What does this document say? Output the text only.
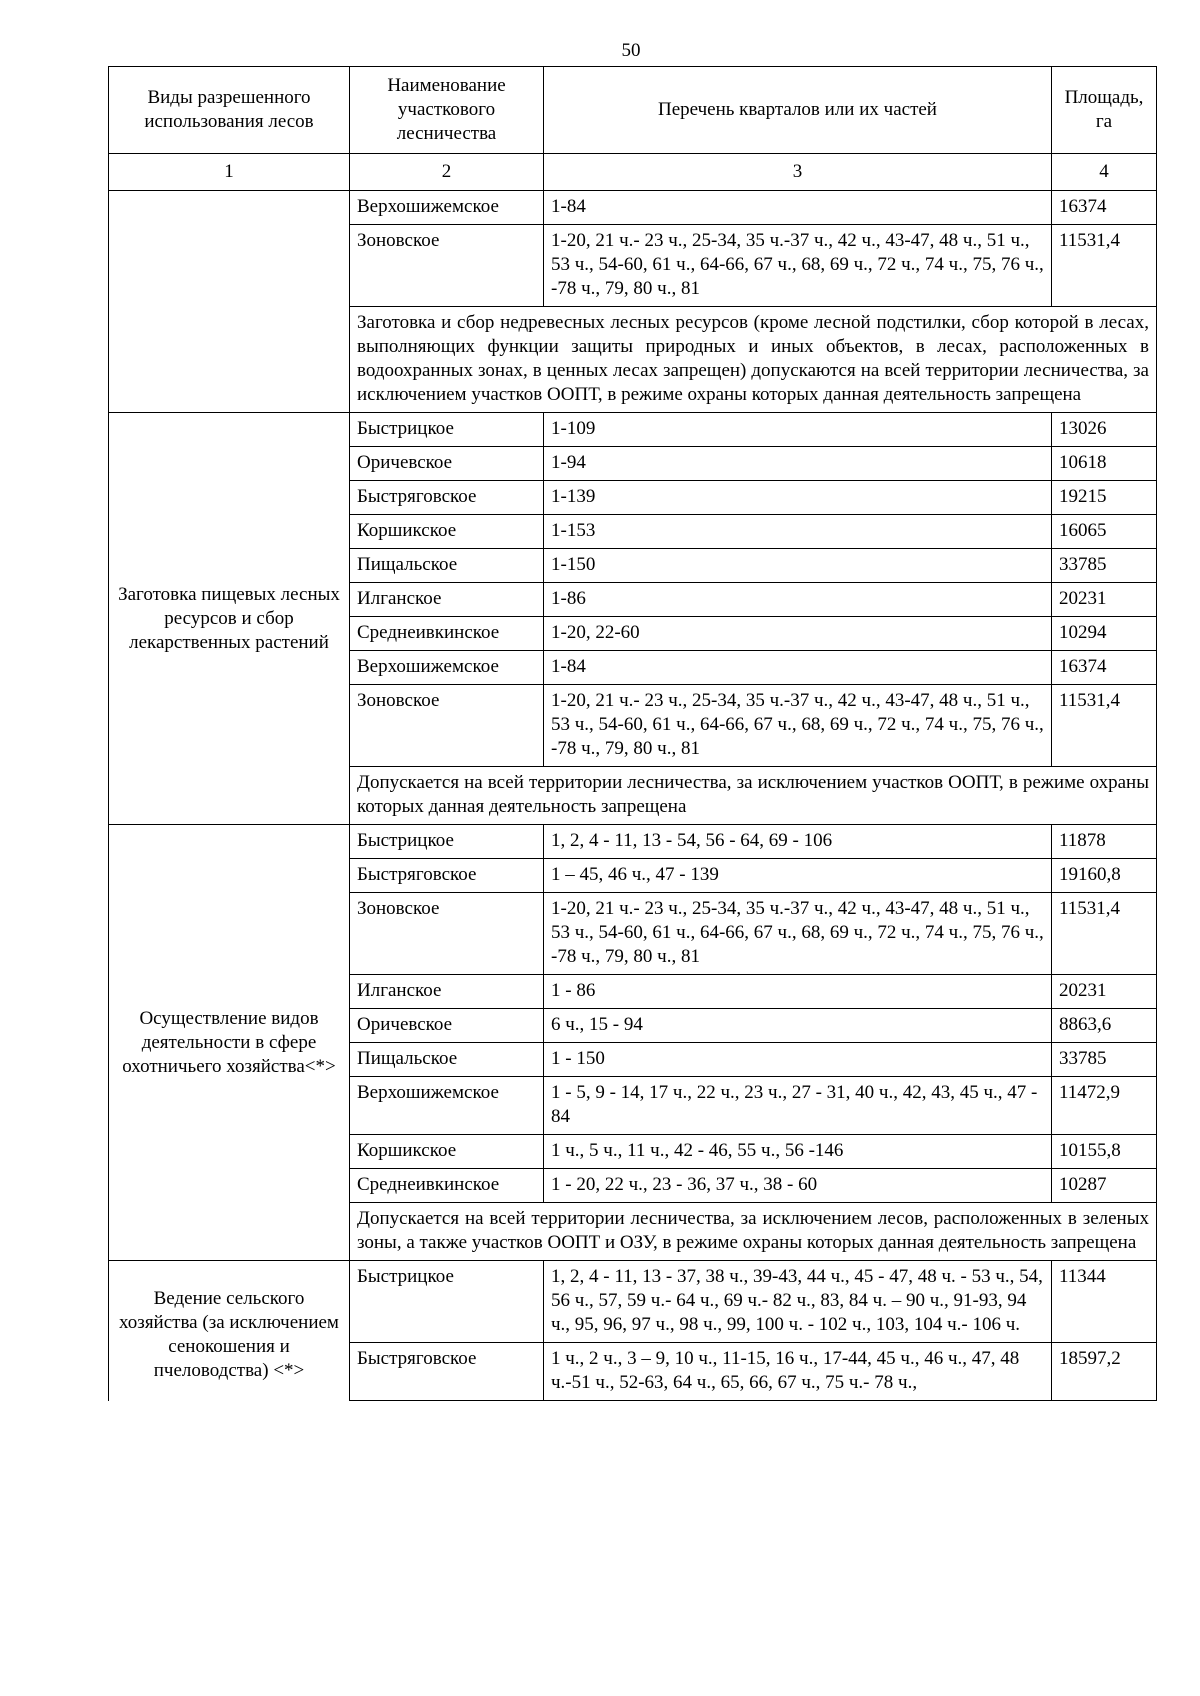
50
Виды разрешенного использования лесов	Наименование участкового лесничества	Перечень кварталов или их частей	Площадь, га
1	2	3	4
	Верхошижемское	1-84	16374
	Зоновское	1-20, 21 ч.- 23 ч., 25-34, 35 ч.-37 ч., 42 ч., 43-47, 48 ч., 51 ч., 53 ч., 54-60, 61 ч., 64-66, 67 ч., 68, 69 ч., 72 ч., 74 ч., 75, 76 ч., -78 ч., 79, 80 ч., 81	11531,4
	Заготовка и сбор недревесных лесных ресурсов (кроме лесной подстилки, сбор которой в лесах, выполняющих функции защиты природных и иных объектов, в лесах, расположенных в водоохранных зонах, в ценных лесах запрещен) допускаются на всей территории лесничества, за исключением участков ООПТ, в режиме охраны которых данная деятельность запрещена		
Заготовка пищевых лесных ресурсов и сбор лекарственных растений	Быстрицкое	1-109	13026
	Оричевское	1-94	10618
	Быстряговское	1-139	19215
	Коршикское	1-153	16065
	Пищальское	1-150	33785
	Илганское	1-86	20231
	Среднеивкинское	1-20, 22-60	10294
	Верхошижемское	1-84	16374
	Зоновское	1-20, 21 ч.- 23 ч., 25-34, 35 ч.-37 ч., 42 ч., 43-47, 48 ч., 51 ч., 53 ч., 54-60, 61 ч., 64-66, 67 ч., 68, 69 ч., 72 ч., 74 ч., 75, 76 ч., -78 ч., 79, 80 ч., 81	11531,4
	Допускается на всей территории лесничества, за исключением участков ООПТ, в режиме охраны которых данная деятельность запрещена		
Осуществление видов деятельности в сфере охотничьего хозяйства<*>	Быстрицкое	1, 2, 4 - 11, 13 - 54, 56 - 64, 69 - 106	11878
	Быстряговское	1 – 45, 46 ч., 47 - 139	19160,8
	Зоновское	1-20, 21 ч.- 23 ч., 25-34, 35 ч.-37 ч., 42 ч., 43-47, 48 ч., 51 ч., 53 ч., 54-60, 61 ч., 64-66, 67 ч., 68, 69 ч., 72 ч., 74 ч., 75, 76 ч., -78 ч., 79, 80 ч., 81	11531,4
	Илганское	1 - 86	20231
	Оричевское	6 ч., 15 - 94	8863,6
	Пищальское	1 - 150	33785
	Верхошижемское	1 - 5, 9 - 14, 17 ч., 22 ч., 23 ч., 27 - 31, 40 ч., 42, 43, 45 ч., 47 - 84	11472,9
	Коршикское	1 ч., 5 ч., 11 ч., 42 - 46, 55 ч., 56 -146	10155,8
	Среднеивкинское	1 - 20, 22 ч., 23 - 36, 37 ч., 38 - 60	10287
	Допускается на всей территории лесничества, за исключением лесов, расположенных в зеленых зоны, а также участков ООПТ и ОЗУ, в режиме охраны которых данная деятельность запрещена		
Ведение сельского хозяйства (за исключением сенокошения и пчеловодства) <*>	Быстрицкое	1, 2, 4 - 11, 13 - 37, 38 ч., 39-43, 44 ч., 45 - 47, 48 ч. - 53 ч., 54, 56 ч., 57, 59 ч.- 64 ч., 69 ч.- 82 ч., 83, 84 ч. – 90 ч., 91-93, 94 ч., 95, 96, 97 ч., 98 ч., 99, 100 ч. - 102 ч., 103, 104 ч.- 106 ч.	11344
	Быстряговское	1 ч., 2 ч., 3 – 9, 10 ч., 11-15, 16 ч., 17-44, 45 ч., 46 ч., 47, 48 ч.-51 ч., 52-63, 64 ч., 65, 66, 67 ч., 75 ч.- 78 ч.,	18597,2
